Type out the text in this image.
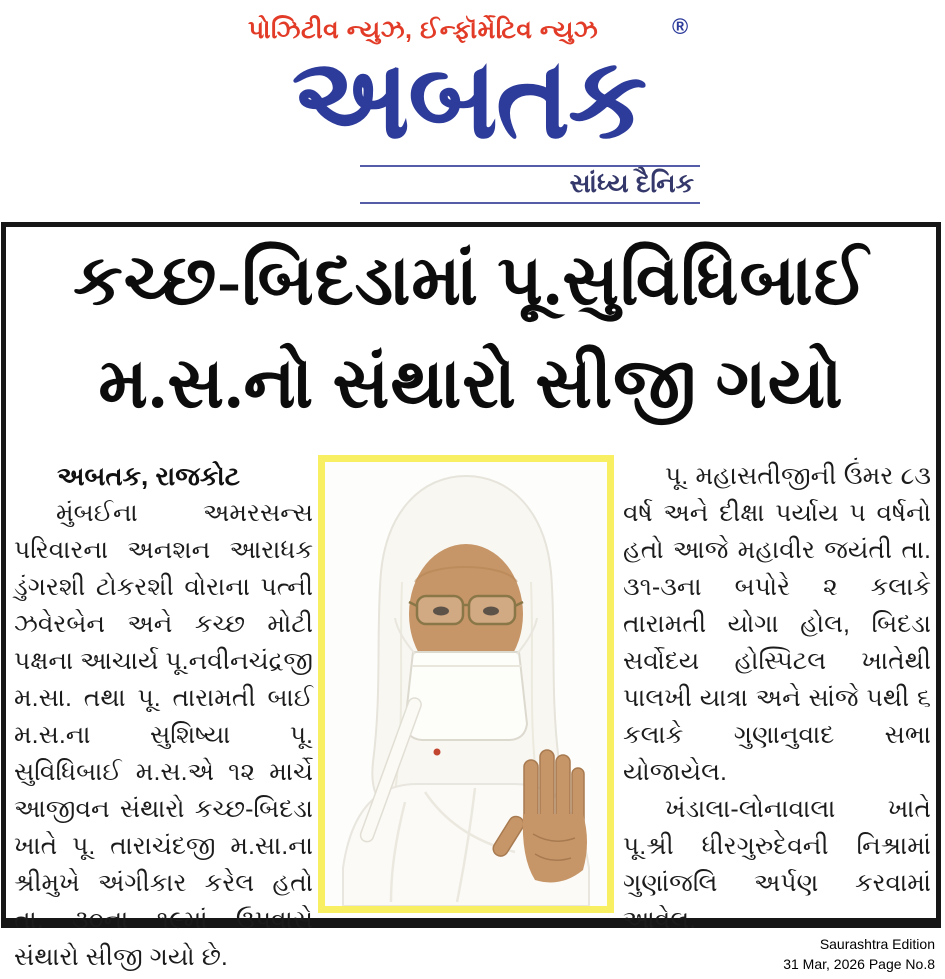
પોઝિટીવ ન્યુઝ, ઈન્ફૉર્મેટિવ ન્યુઝ	®
અબતક
સાંધ્ય દૈનિક
કચ્છ-બિદડામાં પૂ.સુવિધિબાઈ
મ.સ.નો સંથારો સીજી ગયો
અબતક, રાજકોટ
મુંબઈના અમરસન્સ પરિવારના અનશન આરાધક ડુંગરશી ટોકરશી વોરાના પત્ની ઝવેરબેન અને કચ્છ મોટી પક્ષના આચાર્ય પૂ.નવીનચંદ્રજી મ.સા. તથા પૂ. તારામતી બાઈ મ.સ.ના સુશિષ્યા પૂ. સુવિધિબાઈ મ.સ.એ ૧૨ માર્ચે આજીવન સંથારો કચ્છ-બિદડા ખાતે પૂ. તારાચંદજી મ.સા.ના શ્રીમુખે અંગીકાર કરેલ હતો તા. ૩૦ના ૧૯માં ઉપવાસે સંથારો સીજી ગયો છે.
પૂ. મહાસતીજીની ઉંમર ૮૩ વર્ષ અને દીક્ષા પર્યાય ૫ વર્ષનો હતો આજે મહાવીર જયંતી તા. ૩૧-૩ના બપોરે ૨ કલાકે તારામતી યોગા હોલ, બિદડા સર્વોદય હોસ્પિટલ ખાતેથી પાલખી યાત્રા અને સાંજે ૫થી ૬ કલાકે ગુણાનુવાદ સભા યોજાયેલ.
ખંડાલા-લોનાવાલા ખાતે પૂ.શ્રી ધીરગુરુદેવની નિશ્રામાં ગુણાંજલિ અર્પણ કરવામાં આવેલ.
Saurashtra Edition
31 Mar, 2026 Page No.8
